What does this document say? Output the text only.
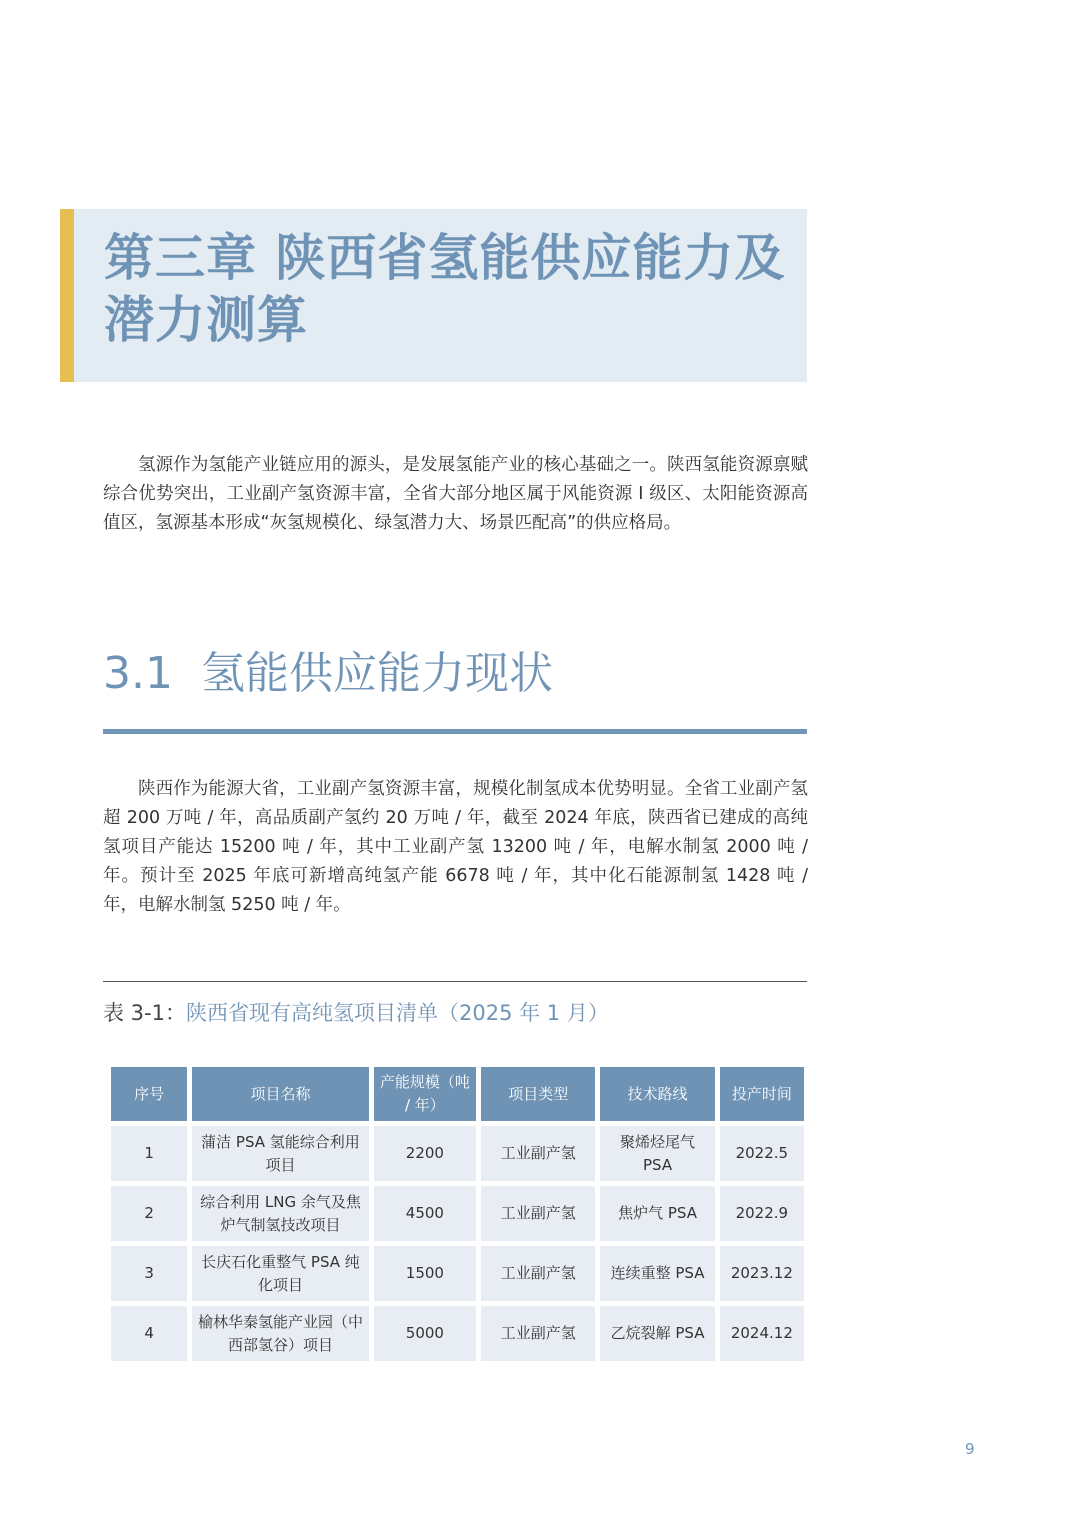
第三章 陕西省氢能供应能力及潜力测算

氢源作为氢能产业链应用的源头，是发展氢能产业的核心基础之一。陕西氢能资源禀赋综合优势突出，工业副产氢资源丰富，全省大部分地区属于风能资源 Ⅰ 级区、太阳能资源高值区，氢源基本形成“灰氢规模化、绿氢潜力大、场景匹配高”的供应格局。

3.1 氢能供应能力现状

陕西作为能源大省，工业副产氢资源丰富，规模化制氢成本优势明显。全省工业副产氢超 200 万吨 / 年，高品质副产氢约 20 万吨 / 年，截至 2024 年底，陕西省已建成的高纯氢项目产能达 15200 吨 / 年，其中工业副产氢 13200 吨 / 年，电解水制氢 2000 吨 / 年。预计至 2025 年底可新增高纯氢产能 6678 吨 / 年，其中化石能源制氢 1428 吨 / 年，电解水制氢 5250 吨 / 年。

表 3-1：陕西省现有高纯氢项目清单（2025 年 1 月）
序号	项目名称	产能规模（吨 / 年）	项目类型	技术路线	投产时间
1	蒲洁 PSA 氢能综合利用项目	2200	工业副产氢	聚烯烃尾气 PSA	2022.5
2	综合利用 LNG 余气及焦炉气制氢技改项目	4500	工业副产氢	焦炉气 PSA	2022.9
3	长庆石化重整气 PSA 纯化项目	1500	工业副产氢	连续重整 PSA	2023.12
4	榆林华秦氢能产业园（中西部氢谷）项目	5000	工业副产氢	乙烷裂解 PSA	2024.12
9
